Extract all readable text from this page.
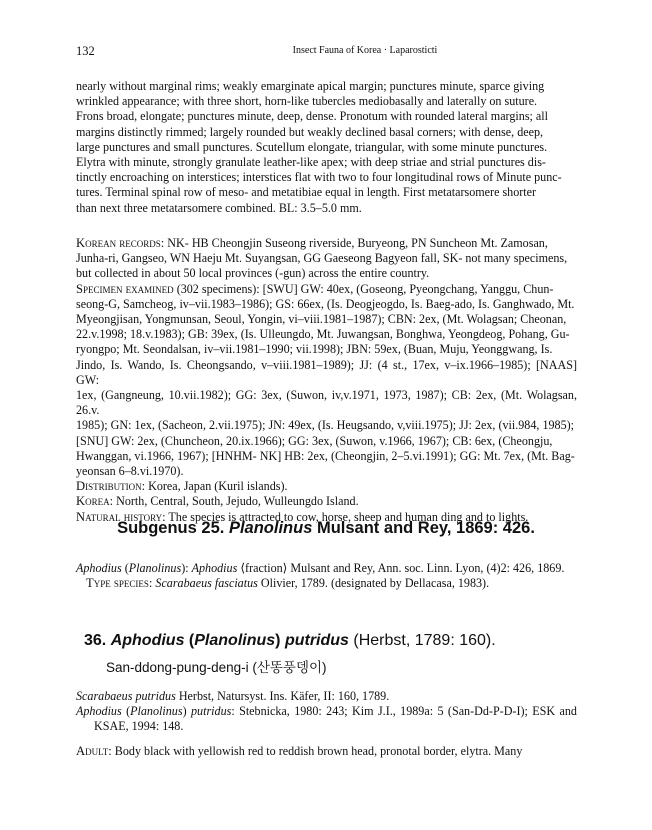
132	Insect Fauna of Korea · Laparosticti

nearly without marginal rims; weakly emarginate apical margin; punctures minute, sparce giving

wrinkled appearance; with three short, horn-like tubercles mediobasally and laterally on suture.

Frons broad, elongate; punctures minute, deep, dense. Pronotum with rounded lateral margins; all

margins distinctly rimmed; largely rounded but weakly declined basal corners; with dense, deep,

large punctures and small punctures. Scutellum elongate, triangular, with some minute punctures.

Elytra with minute, strongly granulate leather-like apex; with deep striae and strial punctures dis-

tinctly encroaching on interstices; interstices flat with two to four longitudinal rows of Minute punc-

tures. Terminal spinal row of meso- and metatibiae equal in length. First metatarsomere shorter

than next three metatarsomere combined. BL: 3.5–5.0 mm.

Korean records: NK- HB Cheongjin Suseong riverside, Buryeong, PN Suncheon Mt. Zamosan,

Junha-ri, Gangseo, WN Haeju Mt. Suyangsan, GG Gaeseong Bagyeon fall, SK- not many specimens,

but collected in about 50 local provinces (-gun) across the entire country.

Specimen examined (302 specimens): [SWU] GW: 40ex, (Goseong, Pyeongchang, Yanggu, Chun-

seong-G, Samcheog, iv–vii.1983–1986); GS: 66ex, (Is. Deogjeogdo, Is. Baeg-ado, Is. Ganghwado, Mt.

Myeongjisan, Yongmunsan, Seoul, Yongin, vi–viii.1981–1987); CBN: 2ex, (Mt. Wolagsan; Cheonan,

22.v.1998; 18.v.1983); GB: 39ex, (Is. Ulleungdo, Mt. Juwangsan, Bonghwa, Yeongdeog, Pohang, Gu-

ryongpo; Mt. Seondalsan, iv–vii.1981–1990; vii.1998); JBN: 59ex, (Buan, Muju, Yeonggwang, Is.

Jindo, Is. Wando, Is. Cheongsando, v–viii.1981–1989); JJ: (4 st., 17ex, v–ix.1966–1985); [NAAS] GW:

1ex, (Gangneung, 10.vii.1982); GG: 3ex, (Suwon, iv,v.1971, 1973, 1987); CB: 2ex, (Mt. Wolagsan, 26.v.

1985); GN: 1ex, (Sacheon, 2.vii.1975); JN: 49ex, (Is. Heugsando, v,viii.1975); JJ: 2ex, (vii.984, 1985);

[SNU] GW: 2ex, (Chuncheon, 20.ix.1966); GG: 3ex, (Suwon, v.1966, 1967); CB: 6ex, (Cheongju,

Hwanggan, vi.1966, 1967); [HNHM- NK] HB: 2ex, (Cheongjin, 2–5.vi.1991); GG: Mt. 7ex, (Mt. Bag-

yeonsan 6–8.vi.1970).

Distribution: Korea, Japan (Kuril islands).

Korea: North, Central, South, Jejudo, Wulleungdo Island.

Natural history: The species is attracted to cow, horse, sheep and human ding and to lights.

Subgenus 25. Planolinus Mulsant and Rey, 1869: 426.

Aphodius (Planolinus): Aphodius ⟨fraction⟩ Mulsant and Rey, Ann. soc. Linn. Lyon, (4)2: 426, 1869.

Type species: Scarabaeus fasciatus Olivier, 1789. (designated by Dellacasa, 1983).

36. Aphodius (Planolinus) putridus (Herbst, 1789: 160).
San-ddong-pung-deng-i (산똥풍뎅이)

Scarabaeus putridus Herbst, Natursyst. Ins. Käfer, II: 160, 1789.

Aphodius (Planolinus) putridus: Stebnicka, 1980: 243; Kim J.I., 1989a: 5 (San-Dd-P-D-I); ESK and KSAE, 1994: 148.

Adult: Body black with yellowish red to reddish brown head, pronotal border, elytra. Many
